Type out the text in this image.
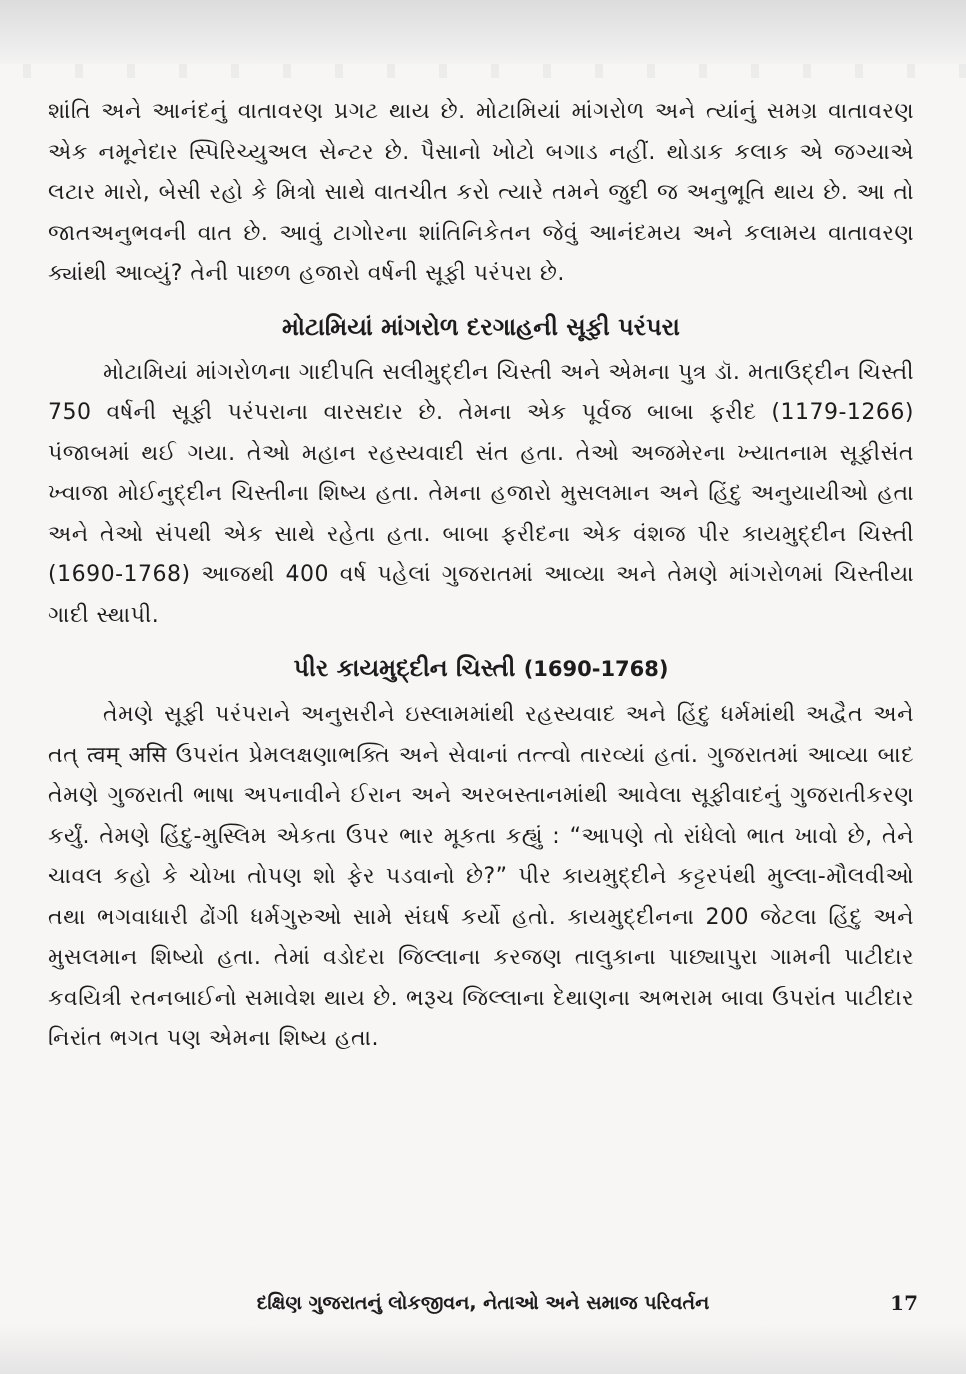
શાંતિ અને આનંદનું વાતાવરણ પ્રગટ થાય છે. મોટામિયાં માંગરોળ અને ત્યાંનું સમગ્ર વાતાવરણ એક નમૂનેદાર સ્પિરિચ્યુઅલ સેન્ટર છે. પૈસાનો ખોટો બગાડ નહીં. થોડાક કલાક એ જગ્યાએ લટાર મારો, બેસી રહો કે મિત્રો સાથે વાતચીત કરો ત્યારે તમને જુદી જ અનુભૂતિ થાય છે. આ તો જાતઅનુભવની વાત છે. આવું ટાગોરના શાંતિનિકેતન જેવું આનંદમય અને કલામય વાતાવરણ ક્યાંથી આવ્યું? તેની પાછળ હજારો વર્ષની સૂફી પરંપરા છે.

મોટામિયાં માંગરોળ દરગાહની સૂફી પરંપરા

મોટામિયાં માંગરોળના ગાદીપતિ સલીમુદ્દીન ચિસ્તી અને એમના પુત્ર ડૉ. મતાઉદ્દીન ચિસ્તી 750 વર્ષની સૂફી પરંપરાના વારસદાર છે. તેમના એક પૂર્વજ બાબા ફરીદ (1179-1266) પંજાબમાં થઈ ગયા. તેઓ મહાન રહસ્યવાદી સંત હતા. તેઓ અજમેરના ખ્યાતનામ સૂફીસંત ખ્વાજા મોઈનુદ્દીન ચિસ્તીના શિષ્ય હતા. તેમના હજારો મુસલમાન અને હિંદુ અનુયાયીઓ હતા અને તેઓ સંપથી એક સાથે રહેતા હતા. બાબા ફરીદના એક વંશજ પીર કાયમુદ્દીન ચિસ્તી (1690-1768) આજથી 400 વર્ષ પહેલાં ગુજરાતમાં આવ્યા અને તેમણે માંગરોળમાં ચિસ્તીયા ગાદી સ્થાપી.

પીર કાયમુદ્દીન ચિસ્તી (1690-1768)

તેમણે સૂફી પરંપરાને અનુસરીને ઇસ્લામમાંથી રહસ્યવાદ અને હિંદુ ધર્મમાંથી અદ્વૈત અને તત્ त्वम् असि ઉપરાંત પ્રેમલક્ષણાભક્તિ અને સેવાનાં તત્ત્વો તારવ્યાં હતાં. ગુજરાતમાં આવ્યા બાદ તેમણે ગુજરાતી ભાષા અપનાવીને ઈરાન અને અરબસ્તાનમાંથી આવેલા સૂફીવાદનું ગુજરાતીકરણ કર્યું. તેમણે હિંદુ-મુસ્લિમ એકતા ઉપર ભાર મૂકતા કહ્યું : “આપણે તો રાંધેલો ભાત ખાવો છે, તેને ચાવલ કહો કે ચોખા તોપણ શો ફેર પડવાનો છે?” પીર કાયમુદ્દીને કટ્ટરપંથી મુલ્લા-મૌલવીઓ તથા ભગવાધારી ઢોંગી ધર્મગુરુઓ સામે સંઘર્ષ કર્યો હતો. કાયમુદ્દીનના 200 જેટલા હિંદુ અને મુસલમાન શિષ્યો હતા. તેમાં વડોદરા જિલ્લાના કરજણ તાલુકાના પાછ્યાપુરા ગામની પાટીદાર કવયિત્રી રતનબાઈનો સમાવેશ થાય છે. ભરૂચ જિલ્લાના દેથાણના અભરામ બાવા ઉપરાંત પાટીદાર નિરાંત ભગત પણ એમના શિષ્ય હતા.

દક્ષિણ ગુજરાતનું લોકજીવન, નેતાઓ અને સમાજ પરિવર્તન	17
